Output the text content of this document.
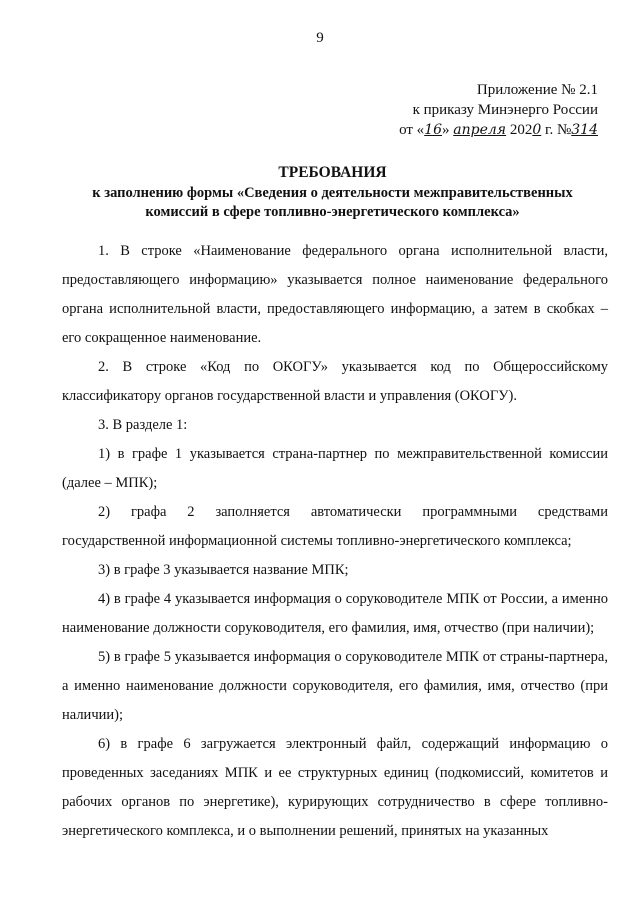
9
Приложение № 2.1
к приказу Минэнерго России
от «16» апреля 2020 г. №314
ТРЕБОВАНИЯ
к заполнению формы «Сведения о деятельности межправительственных комиссий в сфере топливно-энергетического комплекса»

1. В строке «Наименование федерального органа исполнительной власти, предоставляющего информацию» указывается полное наименование федерального органа исполнительной власти, предоставляющего информацию, а затем в скобках – его сокращенное наименование.

2. В строке «Код по ОКОГУ» указывается код по Общероссийскому классификатору органов государственной власти и управления (ОКОГУ).

3. В разделе 1:

1) в графе 1 указывается страна-партнер по межправительственной комиссии (далее – МПК);

2) графа 2 заполняется автоматически программными средствами государственной информационной системы топливно-энергетического комплекса;

3) в графе 3 указывается название МПК;

4) в графе 4 указывается информация о соруководителе МПК от России, а именно наименование должности соруководителя, его фамилия, имя, отчество (при наличии);

5) в графе 5 указывается информация о соруководителе МПК от страны-партнера, а именно наименование должности соруководителя, его фамилия, имя, отчество (при наличии);

6) в графе 6 загружается электронный файл, содержащий информацию о проведенных заседаниях МПК и ее структурных единиц (подкомиссий, комитетов и рабочих органов по энергетике), курирующих сотрудничество в сфере топливно-энергетического комплекса, и о выполнении решений, принятых на указанных
